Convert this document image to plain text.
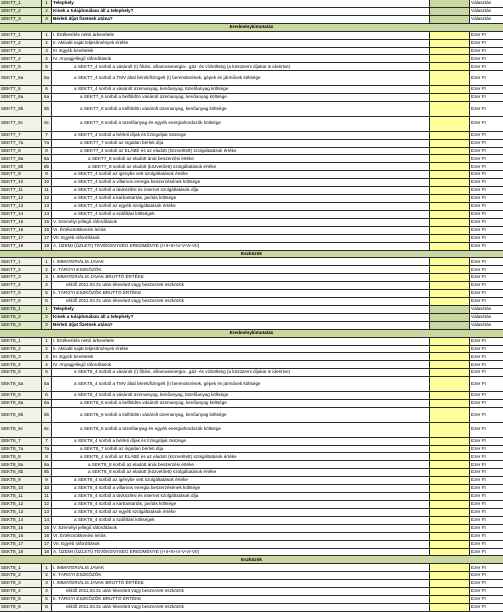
SEKT7_1	1	Telephely	Választás
SEKT7_2	2	Kinek a tulajdonában áll a telephely?	Választás
SEKT7_3	3	Bérleti díjat fizetnek utána?	Választás
Eredménykimutatás
SEKT7_1	1	I. Értékesítés nettó árbevétele	Ezer Ft
SEKT7_2	2	II. Aktivált saját teljesítmények értéke	Ezer Ft
SEKT7_3	3	III. Egyéb bevételek	Ezer Ft
SEKT7_4	4	IV. Anyagjellegű ráfordítások	Ezer Ft
SEKT7_5	5	a SEKT7_4 sorból a vásárolt (!) fűtési, villamosenergia-, gáz- és vízköltség (a közüzemi díjakat is ideértve)	Ezer Ft
SEKT7_5a	5a	a SEKT7_4 sorból a TMV által bérelt/lízingelt (!) berendezések, gépek és járművek költsége	Ezer Ft
SEKT7_6	6	a SEKT7_4 sorból a vásárolt üzemanyag, kenőanyag, tüzelőanyag költsége	Ezer Ft
SEKT7_6a	6a	a SEKT7_6 sorból a belföldön vásárolt üzemanyag, kenőanyag költsége	Ezer Ft
SEKT7_6b	6b	a SEKT7_6 sorból a külföldön vásárolt üzemanyag, kenőanyag költsége	Ezer Ft
SEKT7_6c	6c	a SEKT7_6 sorból a tüzelőanyag és egyéb energiahordozók költsége	Ezer Ft
SEKT7_7	7	a SEKT7_4 sorból a bérleti díjak és lízingdíjak összege	Ezer Ft
SEKT7_7a	7a	a SEKT7_7 sorból az ingatlan bérleti díja	Ezer Ft
SEKT7_8	8	a SEKT7_4 sorból az ELÁBÉ és az eladott (közvetített) szolgáltatások értéke	Ezer Ft
SEKT7_8a	8a	a SEKT7_8 sorból az eladott áruk beszerzési értéke	Ezer Ft
SEKT7_8b	8b	a SEKT7_8 sorból az eladott (közvetített) szolgáltatások értéke	Ezer Ft
SEKT7_9	9	a SEKT7_4 sorból az igénybe vett szolgáltatások értéke	Ezer Ft
SEKT7_10	10	a SEKT7_4 sorból a villamos energia beszerzésének költsége	Ezer Ft
SEKT7_11	11	a SEKT7_4 sorból a távközlési és internet szolgáltatások díja	Ezer Ft
SEKT7_12	12	a SEKT7_4 sorból a karbantartás, javítás költsége	Ezer Ft
SEKT7_13	13	a SEKT7_4 sorból az egyéb szolgáltatások értéke	Ezer Ft
SEKT7_14	14	a SEKT7_4 sorból a szállítási költségek	Ezer Ft
SEKT7_15	15 V. Személyi jellegű ráfordítások	Ezer Ft
SEKT7_16	16 VI. Értékcsökkenési leírás	Ezer Ft
SEKT7_17	17 VII. Egyéb ráfordítások	Ezer Ft
SEKT7_18	18 A. ÜZEMI (ÜZLETI) TEVÉKENYSÉG EREDMÉNYE (I+II+III-IV-V-VI-VII)	Ezer Ft
Eszközök
SEKT7_1	1	I. IMMATERIÁLIS JAVAK	Ezer Ft
SEKT7_2	2	II. TÁRGYI ESZKÖZÖK	Ezer Ft
SEKT7_3	3	I. IMMATERIÁLIS JAVAK BRUTTÓ ÉRTÉKE	Ezer Ft
SEKT7_4	4	ebből 2011.03.31 után létesített vagy beszerzett eszközök	Ezer Ft
SEKT7_5	5	II. TÁRGYI ESZKÖZÖK BRUTTÓ ÉRTÉKE	Ezer Ft
SEKT7_6	6	ebből 2011.03.31 után létesített vagy beszerzett eszközök	Ezer Ft
SEKT8_1	1	Telephely	Választás
SEKT8_2	2	Kinek a tulajdonában áll a telephely?	Választás
SEKT8_3	3	Bérleti díjat fizetnek utána?	Választás
Eredménykimutatás
SEKT8_1	1	I. Értékesítés nettó árbevétele	Ezer Ft
SEKT8_2	2	II. Aktivált saját teljesítmények értéke	Ezer Ft
SEKT8_3	3	III. Egyéb bevételek	Ezer Ft
SEKT8_4	4	IV. Anyagjellegű ráfordítások	Ezer Ft
SEKT8_5	5	a SEKT8_4 sorból a vásárolt (!) fűtési, villamosenergia-, gáz- és vízköltség (a közüzemi díjakat is ideértve)	Ezer Ft
SEKT8_5a	5a	a SEKT8_4 sorból a TMV által bérelt/lízingelt (!) berendezések, gépek és járművek költsége	Ezer Ft
SEKT8_6	6	a SEKT8_4 sorból a vásárolt üzemanyag, kenőanyag, tüzelőanyag költsége	Ezer Ft
SEKT8_6a	6a	a SEKT8_6 sorból a belföldön vásárolt üzemanyag, kenőanyag költsége	Ezer Ft
SEKT8_6b	6b	a SEKT8_6 sorból a külföldön vásárolt üzemanyag, kenőanyag költsége	Ezer Ft
SEKT8_6c	6c	a SEKT8_6 sorból a tüzelőanyag és egyéb energiahordozók költsége	Ezer Ft
SEKT8_7	7	a SEKT8_4 sorból a bérleti díjak és lízingdíjak összege	Ezer Ft
SEKT8_7a	7a	a SEKT8_7 sorból az ingatlan bérleti díja	Ezer Ft
SEKT8_8	8	a SEKT8_4 sorból az ELÁBÉ és az eladott (közvetített) szolgáltatások értéke	Ezer Ft
SEKT8_8a	8a	a SEKT8_8 sorból az eladott áruk beszerzési értéke	Ezer Ft
SEKT8_8b	8b	a SEKT8_8 sorból az eladott (közvetített) szolgáltatások értéke	Ezer Ft
SEKT8_9	9	a SEKT8_4 sorból az igénybe vett szolgáltatások értéke	Ezer Ft
SEKT8_10	10	a SEKT8_4 sorból a villamos energia beszerzésének költsége	Ezer Ft
SEKT8_11	11	a SEKT8_4 sorból a távközlési és internet szolgáltatások díja	Ezer Ft
SEKT8_12	12	a SEKT8_4 sorból a karbantartás, javítás költsége	Ezer Ft
SEKT8_13	13	a SEKT8_4 sorból az egyéb szolgáltatások értéke	Ezer Ft
SEKT8_14	14	a SEKT8_4 sorból a szállítási költségek	Ezer Ft
SEKT8_15	15 V. Személyi jellegű ráfordítások	Ezer Ft
SEKT8_16	16 VI. Értékcsökkenési leírás	Ezer Ft
SEKT8_17	17 VII. Egyéb ráfordítások	Ezer Ft
SEKT8_18	18 A. ÜZEMI (ÜZLETI) TEVÉKENYSÉG EREDMÉNYE (I+II+III-IV-V-VI-VII)	Ezer Ft
Eszközök
SEKT8_1	1	I. IMMATERIÁLIS JAVAK	Ezer Ft
SEKT8_2	2	II. TÁRGYI ESZKÖZÖK	Ezer Ft
SEKT8_3	3	I. IMMATERIÁLIS JAVAK BRUTTÓ ÉRTÉKE	Ezer Ft
SEKT8_4	4	ebből 2011.03.31 után létesített vagy beszerzett eszközök	Ezer Ft
SEKT8_5	5	II. TÁRGYI ESZKÖZÖK BRUTTÓ ÉRTÉKE	Ezer Ft
SEKT8_6	6	ebből 2011.03.31 után létesített vagy beszerzett eszközök	Ezer Ft
